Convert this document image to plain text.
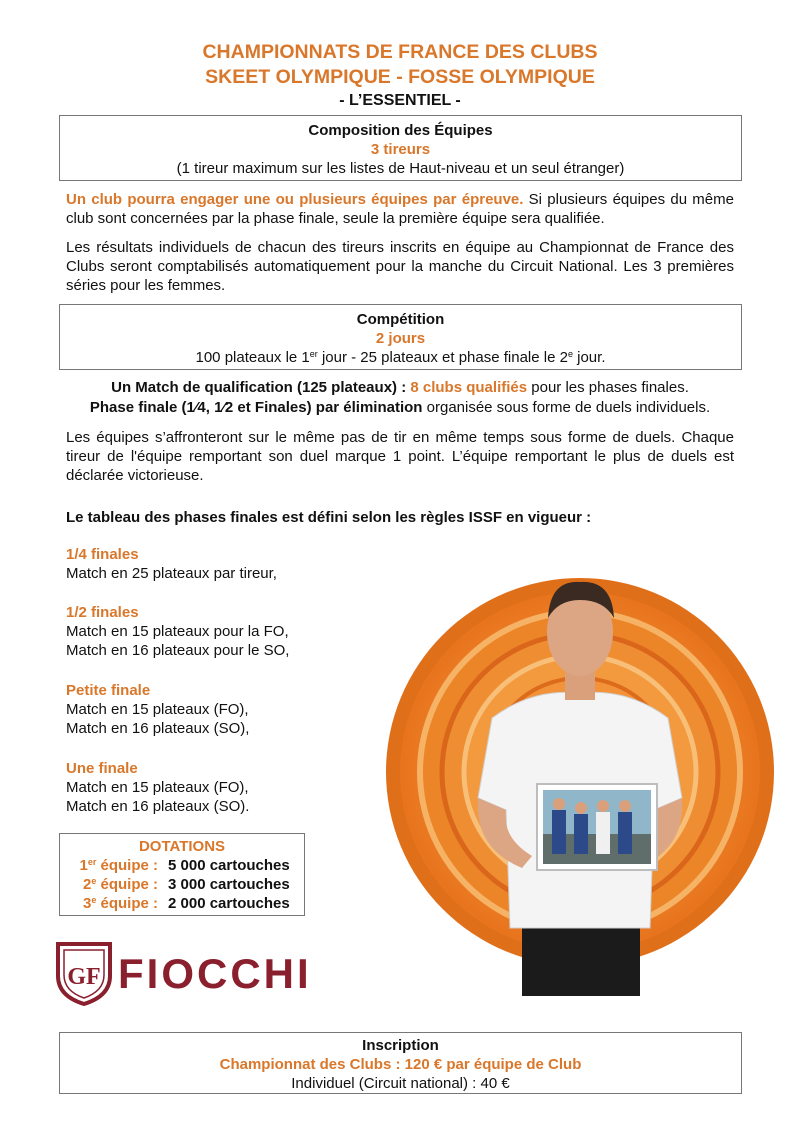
CHAMPIONNATS DE FRANCE DES CLUBS
SKEET OLYMPIQUE - FOSSE OLYMPIQUE
- L’ESSENTIEL -
Composition des Équipes
3 tireurs
(1 tireur maximum sur les listes de Haut-niveau et un seul étranger)
Un club pourra engager une ou plusieurs équipes par épreuve. Si plusieurs équipes du même club sont concernées par la phase finale, seule la première équipe sera qualifiée.
Les résultats individuels de chacun des tireurs inscrits en équipe au Championnat de France des Clubs seront comptabilisés automatiquement pour la manche du Circuit National. Les 3 premières séries pour les femmes.
Compétition
2 jours
100 plateaux le 1er jour - 25 plateaux et phase finale le 2e jour.
Un Match de qualification (125 plateaux) : 8 clubs qualifiés pour les phases finales.
Phase finale (1⁄4, 1⁄2 et Finales) par élimination organisée sous forme de duels individuels.
Les équipes s’affronteront sur le même pas de tir en même temps sous forme de duels. Chaque tireur de l'équipe remportant son duel marque 1 point. L’équipe remportant le plus de duels est déclarée victorieuse.
Le tableau des phases finales est défini selon les règles ISSF en vigueur :
1/4 finales
Match en 25 plateaux par tireur,
1/2 finales
Match en 15 plateaux pour la FO,
Match en 16 plateaux pour le SO,
Petite finale
Match en 15 plateaux (FO),
Match en 16 plateaux (SO),
Une finale
Match en 15 plateaux (FO),
Match en 16 plateaux (SO).
DOTATIONS
1er équipe : 5 000 cartouches
2e équipe : 3 000 cartouches
3e équipe : 2 000 cartouches
GF FIOCCHI
Inscription
Championnat des Clubs : 120 € par équipe de Club
Individuel (Circuit national) : 40 €
